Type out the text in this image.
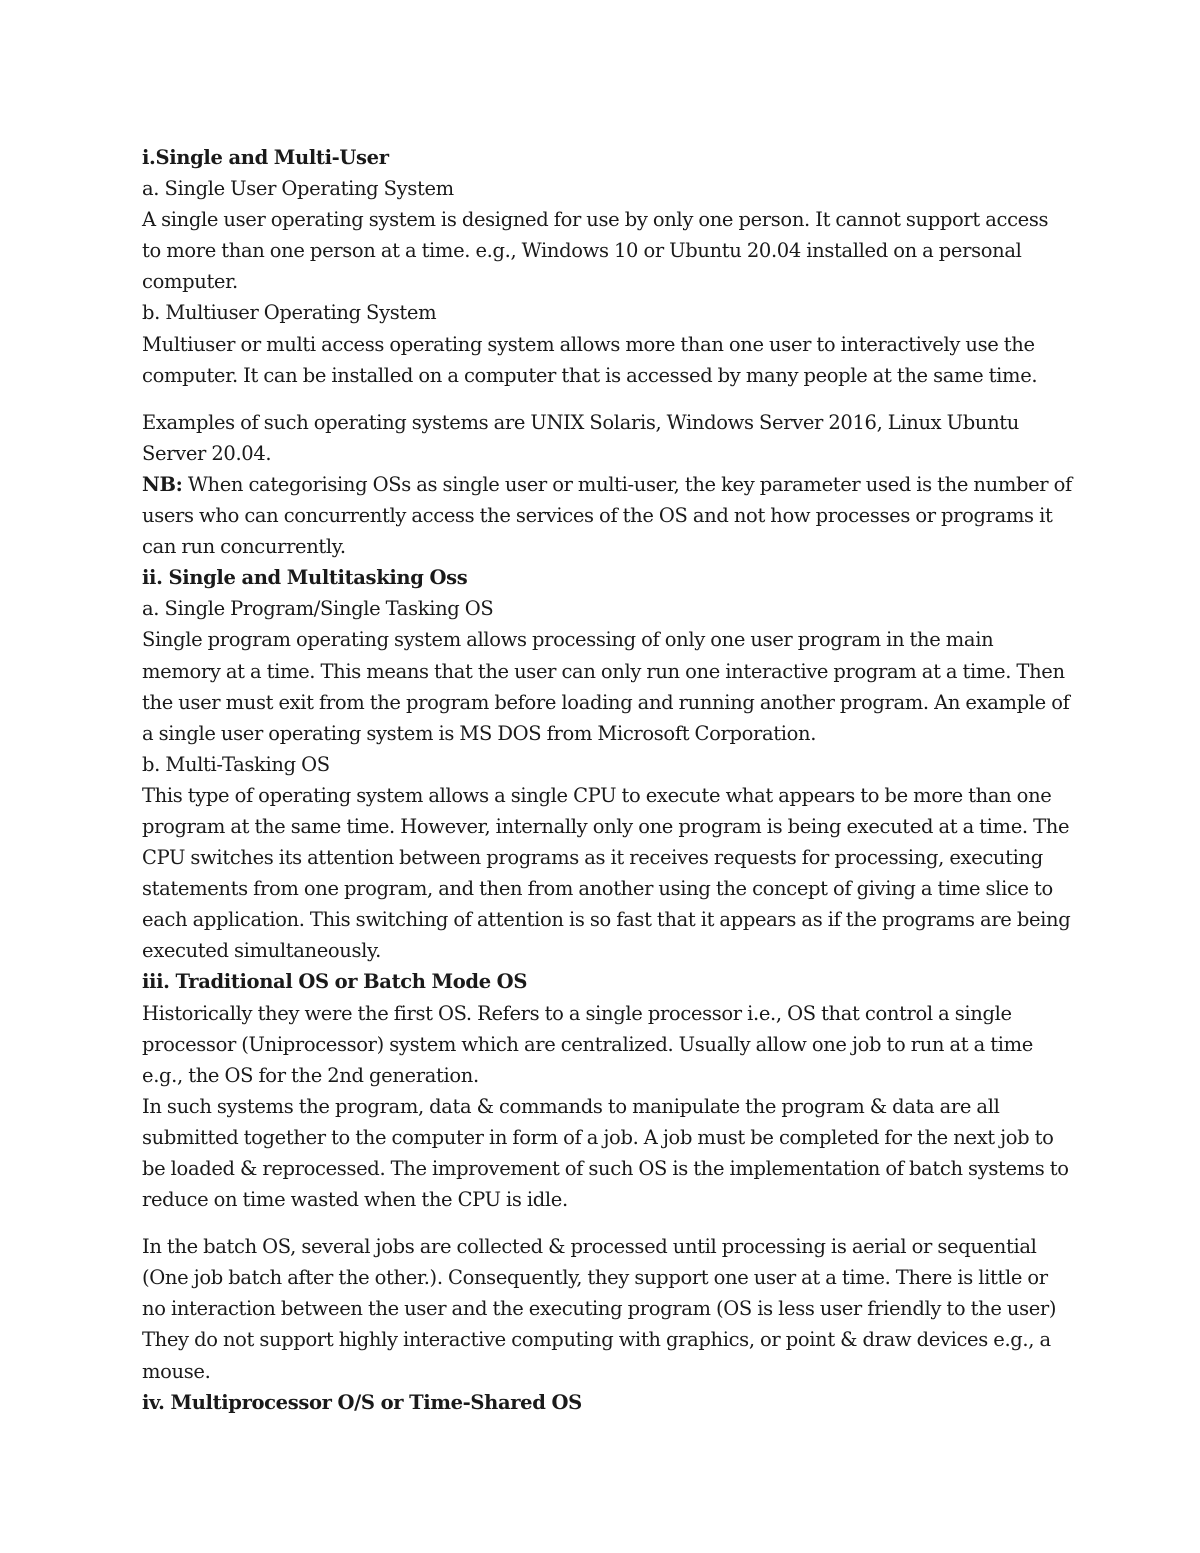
i.Single and Multi-User

a. Single User Operating System

A single user operating system is designed for use by only one person. It cannot support access to more than one person at a time. e.g., Windows 10 or Ubuntu 20.04 installed on a personal computer.

b. Multiuser Operating System

Multiuser or multi access operating system allows more than one user to interactively use the computer. It can be installed on a computer that is accessed by many people at the same time.

Examples of such operating systems are UNIX Solaris, Windows Server 2016, Linux Ubuntu Server 20.04.

NB: When categorising OSs as single user or multi-user, the key parameter used is the number of users who can concurrently access the services of the OS and not how processes or programs it can run concurrently.

ii. Single and Multitasking Oss

a. Single Program/Single Tasking OS

Single program operating system allows processing of only one user program in the main memory at a time. This means that the user can only run one interactive program at a time. Then the user must exit from the program before loading and running another program. An example of a single user operating system is MS DOS from Microsoft Corporation.

b. Multi-Tasking OS

This type of operating system allows a single CPU to execute what appears to be more than one program at the same time. However, internally only one program is being executed at a time. The CPU switches its attention between programs as it receives requests for processing, executing statements from one program, and then from another using the concept of giving a time slice to each application. This switching of attention is so fast that it appears as if the programs are being executed simultaneously.

iii. Traditional OS or Batch Mode OS

Historically they were the first OS. Refers to a single processor i.e., OS that control a single processor (Uniprocessor) system which are centralized. Usually allow one job to run at a time e.g., the OS for the 2nd generation.

In such systems the program, data & commands to manipulate the program & data are all submitted together to the computer in form of a job. A job must be completed for the next job to be loaded & reprocessed. The improvement of such OS is the implementation of batch systems to reduce on time wasted when the CPU is idle.

In the batch OS, several jobs are collected & processed until processing is aerial or sequential (One job batch after the other.). Consequently, they support one user at a time. There is little or no interaction between the user and the executing program (OS is less user friendly to the user) They do not support highly interactive computing with graphics, or point & draw devices e.g., a mouse.

iv. Multiprocessor O/S or Time-Shared OS
